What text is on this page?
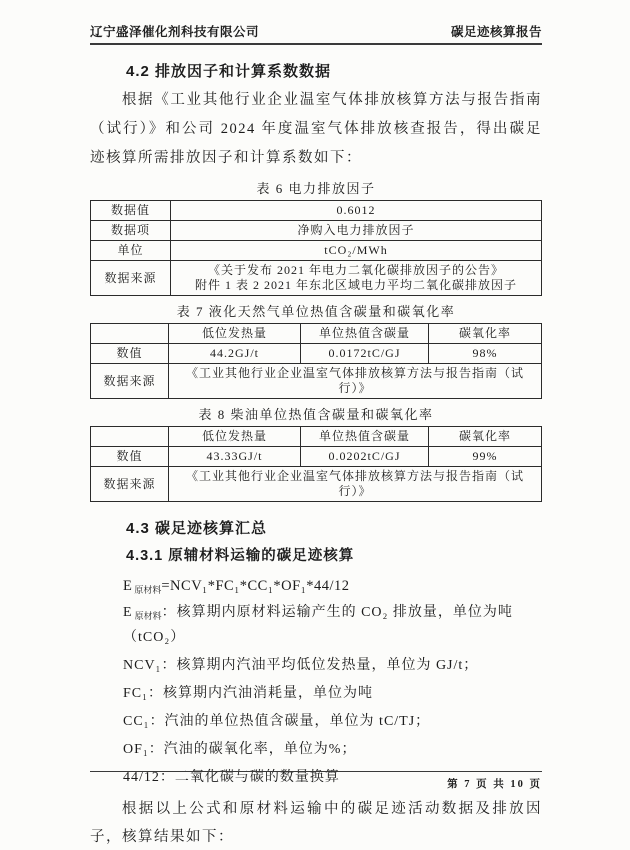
辽宁盛泽催化剂科技有限公司	碳足迹核算报告
4.2 排放因子和计算系数数据

根据《工业其他行业企业温室气体排放核算方法与报告指南（试行）》和公司 2024 年度温室气体排放核查报告，得出碳足迹核算所需排放因子和计算系数如下：

表 6 电力排放因子
数据值	0.6012
数据项	净购入电力排放因子
单位	tCO₂/MWh
数据来源	《关于发布 2021 年电力二氧化碳排放因子的公告》
附件 1 表 2 2021 年东北区域电力平均二氧化碳排放因子
表 7 液化天然气单位热值含碳量和碳氧化率
	低位发热量	单位热值含碳量	碳氧化率
数值	44.2GJ/t	0.0172tC/GJ	98%
数据来源	《工业其他行业企业温室气体排放核算方法与报告指南（试行）》		
表 8 柴油单位热值含碳量和碳氧化率
	低位发热量	单位热值含碳量	碳氧化率
数值	43.33GJ/t	0.0202tC/GJ	99%
数据来源	《工业其他行业企业温室气体排放核算方法与报告指南（试行）》		
4.3 碳足迹核算汇总
4.3.1 原辅材料运输的碳足迹核算
E $_{原材料}$=NCV₁*FC₁*CC₁*OF₁*44/12
E $_{原材料}$：核算期内原材料运输产生的 CO₂ 排放量，单位为吨（tCO₂）
NCV₁：核算期内汽油平均低位发热量，单位为 GJ/t；
FC₁：核算期内汽油消耗量，单位为吨
CC₁：汽油的单位热值含碳量，单位为 tC/TJ；
OF₁：汽油的碳氧化率，单位为%；
44/12：二氧化碳与碳的数量换算

根据以上公式和原材料运输中的碳足迹活动数据及排放因子，核算结果如下：

第 7 页 共 10 页
